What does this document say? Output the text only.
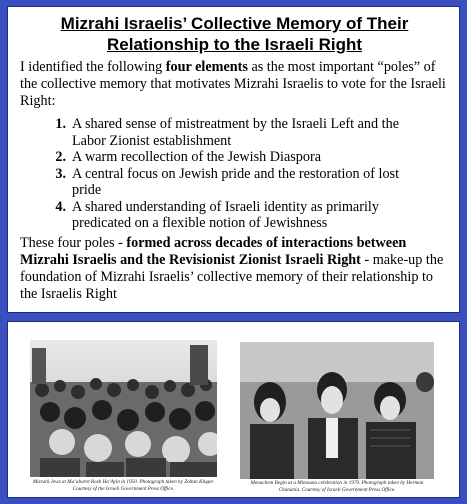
Mizrahi Israelis’ Collective Memory of Their
Relationship to the Israeli Right

I identified the following four elements as the most important “poles” of the collective memory that motivates Mizrahi Israelis to vote for the Israeli Right:

1. A shared sense of mistreatment by the Israeli Left and the Labor Zionist establishment
2. A warm recollection of the Jewish Diaspora
3. A central focus on Jewish pride and the restoration of lost pride
4. A shared understanding of Israeli identity as primarily predicated on a flexible notion of Jewishness

These four poles - formed across decades of interactions between Mizrahi Israelis and the Revisionist Zionist Israeli Right - make-up the foundation of Mizrahi Israelis’ collective memory of their relationship to the Israelis Right

Mizrahi Jews at Ma’abarot Rosh Ha’Ayin in 1950. Photograph taken by Zoltan Kluger. Courtesy of the Israeli Government Press Office.
Menachem Begin at a Mimouna celebration in 1979. Photograph taken by Herman Chananía. Courtesy of Israeli Government Press Office.
